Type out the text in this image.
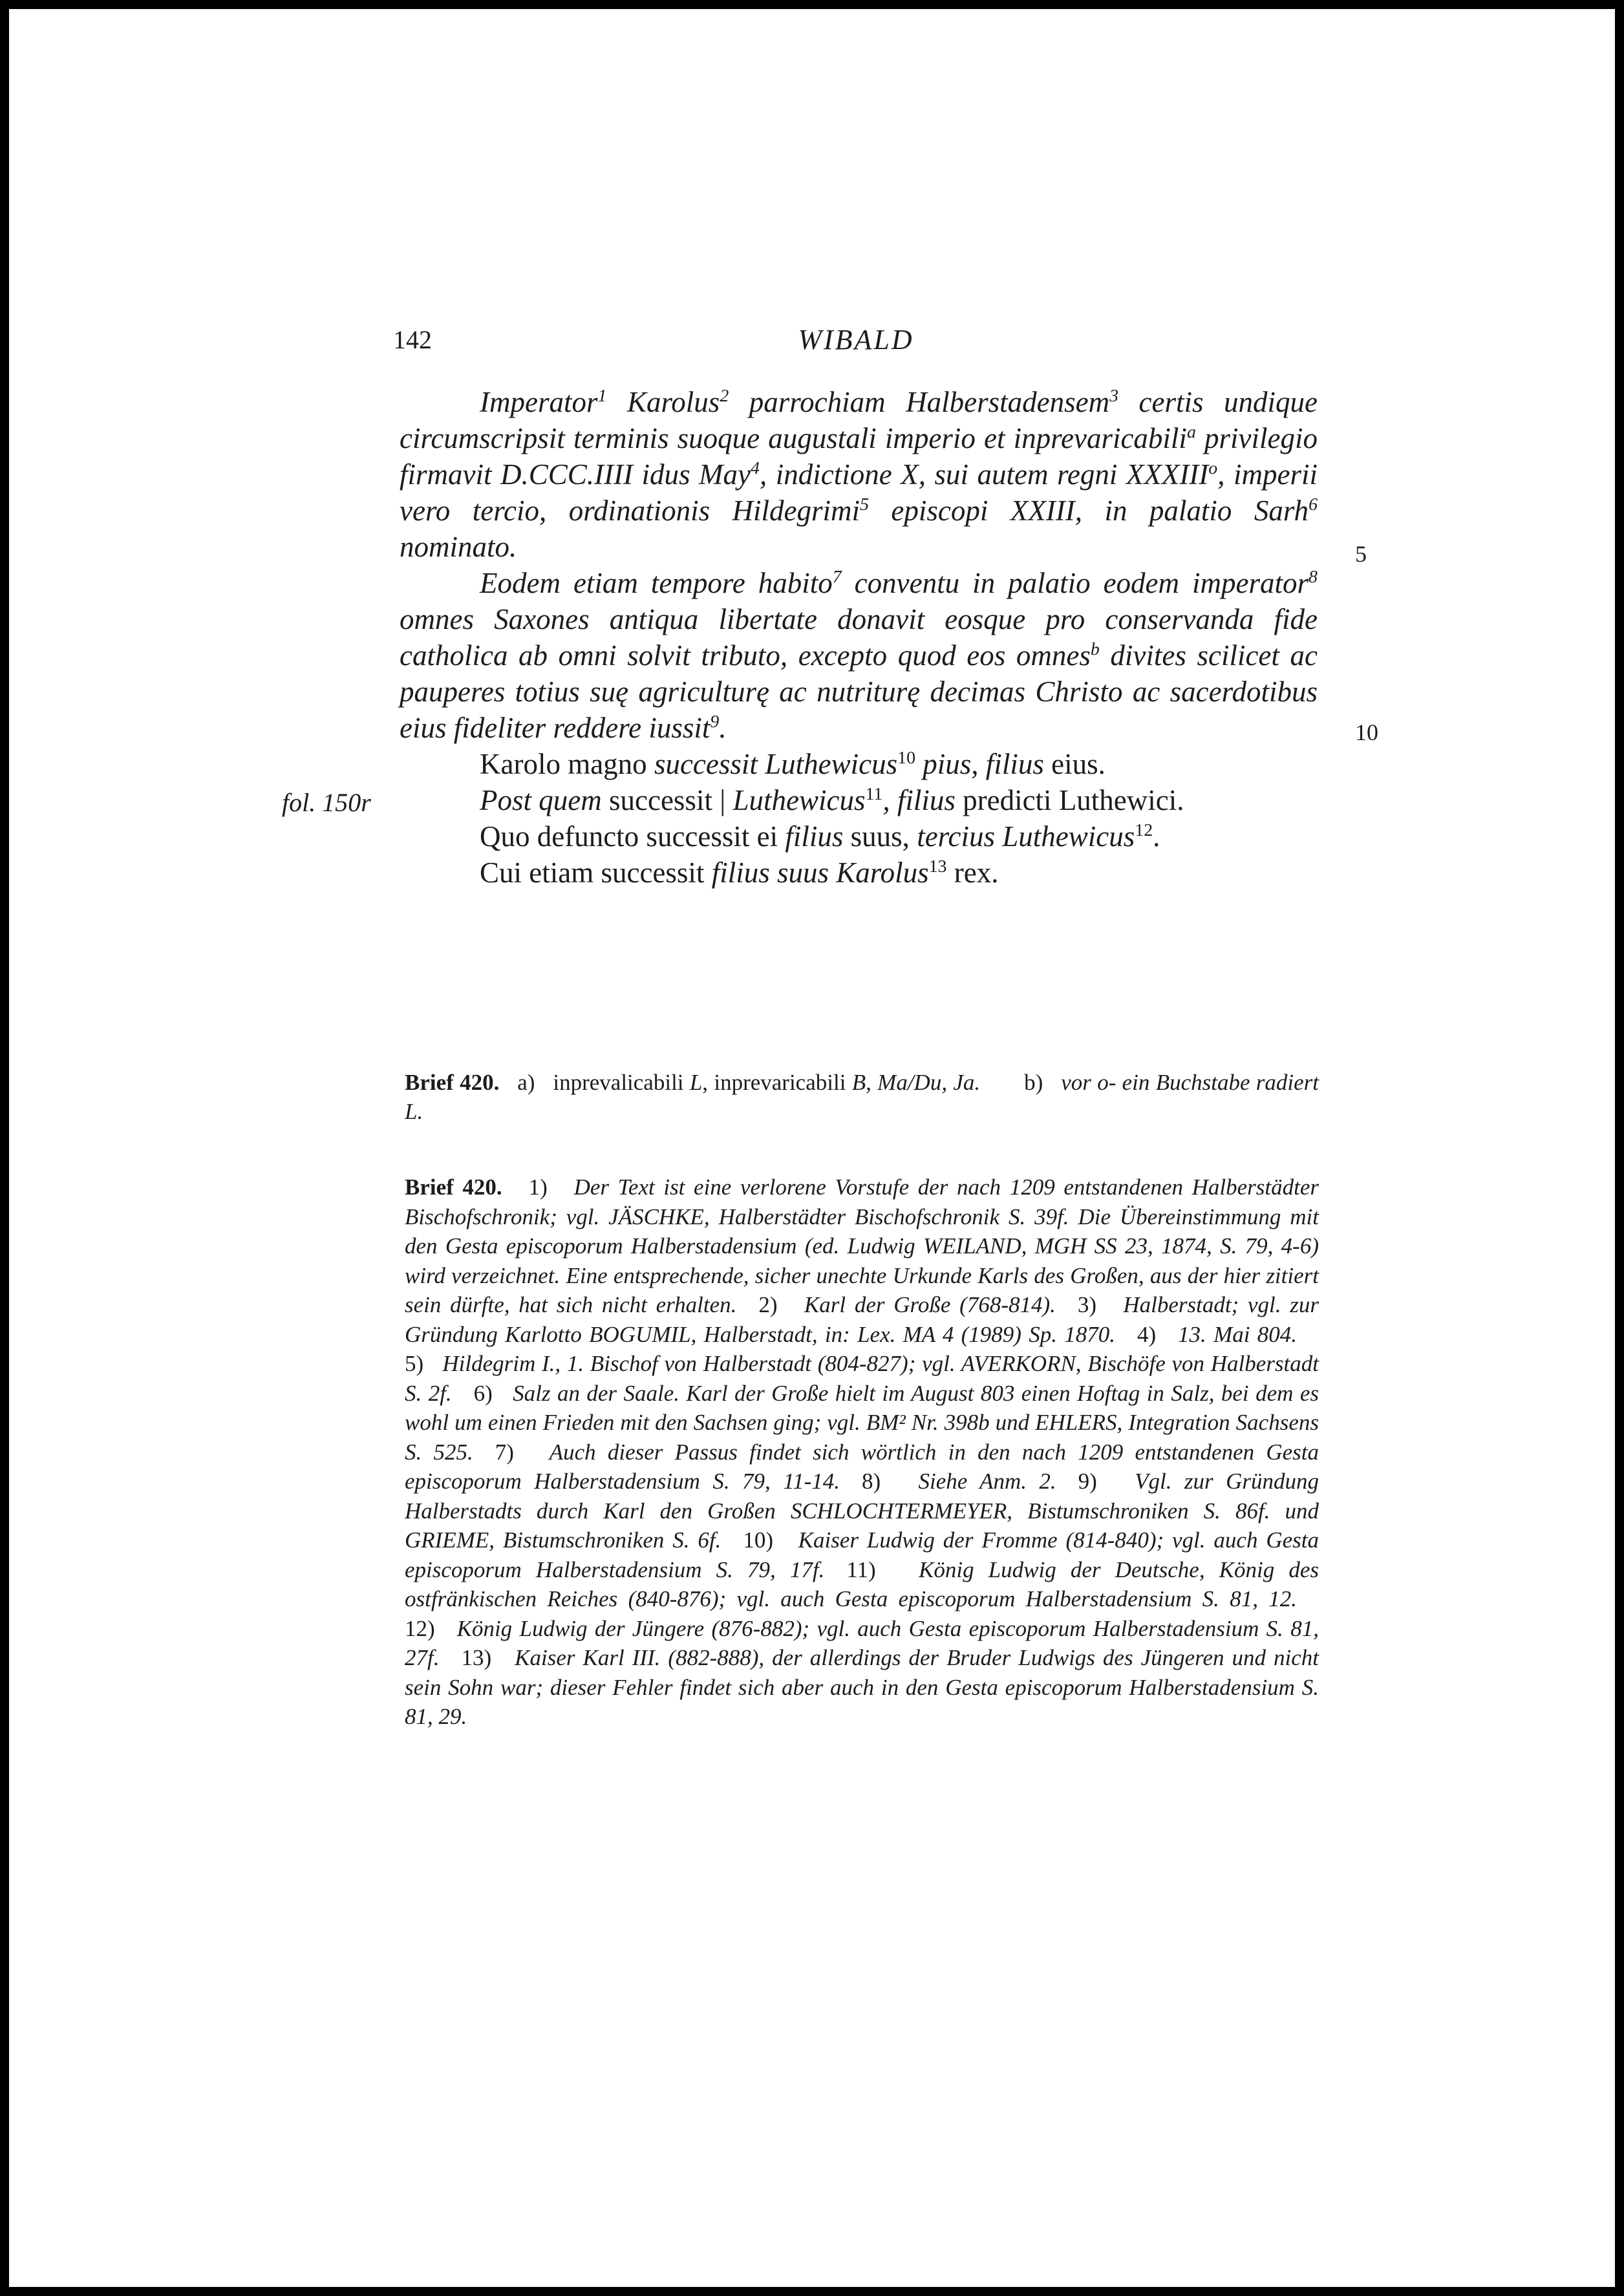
142	WIBALD
fol. 150r
5
10

Imperator$^1$ Karolus$^2$ parrochiam Halberstadensem$^3$ certis undique circumscripsit terminis suoque augustali imperio et inprevaricabili$^a$ privilegio firmavit D.CCC.IIII idus May$^4$, indictione X, sui autem regni XXXIII$^o$, imperii vero tercio, ordinationis Hildegrimi$^5$ episcopi XXIII, in palatio Sarh$^6$ nominato.

Eodem etiam tempore habito$^7$ conventu in palatio eodem imperator$^8$ omnes Saxones antiqua libertate donavit eosque pro conservanda fide catholica ab omni solvit tributo, excepto quod eos omnes$^b$ divites scilicet ac pauperes totius suę agriculturę ac nutriturę decimas Christo ac sacerdotibus eius fideliter reddere iussit$^9$.

Karolo magno successit Luthewicus$^{10}$ pius, filius eius.

Post quem successit | Luthewicus$^{11}$, filius predicti Luthewici.

Quo defuncto successit ei filius suus, tercius Luthewicus$^{12}$.

Cui etiam successit filius suus Karolus$^{13}$ rex.

Brief 420. a) inprevalicabili L, inprevaricabili B, Ma/Du, Ja. b) vor o- ein Buchstabe radiert L.
Brief 420. 1) Der Text ist eine verlorene Vorstufe der nach 1209 entstandenen Halberstädter Bischofschronik; vgl. JÄSCHKE, Halberstädter Bischofschronik S. 39f. Die Übereinstimmung mit den Gesta episcoporum Halberstadensium (ed. Ludwig WEILAND, MGH SS 23, 1874, S. 79, 4-6) wird verzeichnet. Eine entsprechende, sicher unechte Urkunde Karls des Großen, aus der hier zitiert sein dürfte, hat sich nicht erhalten. 2) Karl der Große (768-814). 3) Halberstadt; vgl. zur Gründung Karlotto BOGUMIL, Halberstadt, in: Lex. MA 4 (1989) Sp. 1870. 4) 13. Mai 804.5) Hildegrim I., 1. Bischof von Halberstadt (804-827); vgl. AVERKORN, Bischöfe von Halberstadt S. 2f. 6) Salz an der Saale. Karl der Große hielt im August 803 einen Hoftag in Salz, bei dem es wohl um einen Frieden mit den Sachsen ging; vgl. BM² Nr. 398b und EHLERS, Integration Sachsens S. 525. 7) Auch dieser Passus findet sich wörtlich in den nach 1209 entstandenen Gesta episcoporum Halberstadensium S. 79, 11-14. 8) Siehe Anm. 2. 9) Vgl. zur Gründung Halberstadts durch Karl den Großen SCHLOCHTERMEYER, Bistumschroniken S. 86f. und GRIEME, Bistumschroniken S. 6f. 10) Kaiser Ludwig der Fromme (814-840); vgl. auch Gesta episcoporum Halberstadensium S. 79, 17f. 11) König Ludwig der Deutsche, König des ostfränkischen Reiches (840-876); vgl. auch Gesta episcoporum Halberstadensium S. 81, 12.12) König Ludwig der Jüngere (876-882); vgl. auch Gesta episcoporum Halberstadensium S. 81, 27f. 13) Kaiser Karl III. (882-888), der allerdings der Bruder Ludwigs des Jüngeren und nicht sein Sohn war; dieser Fehler findet sich aber auch in den Gesta episcoporum Halberstadensium S. 81, 29.
